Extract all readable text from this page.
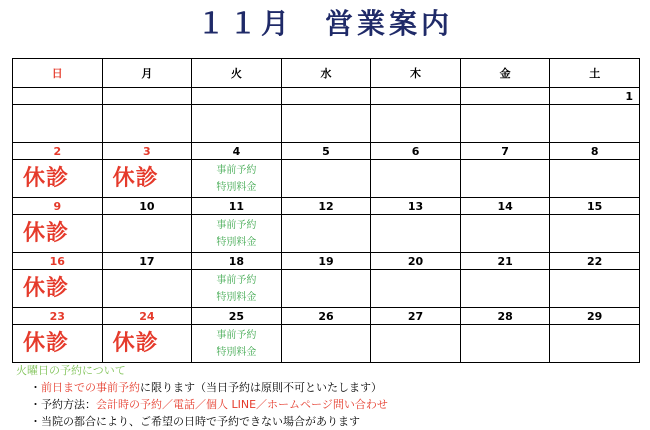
１１月　営業案内
日	月	火	水	木	金	土
						1

2	3	4	5	6	7	8

休診	休診	事前予約
特別料金				

9	10	11	12	13	14	15

休診		事前予約
特別料金				

16	17	18	19	20	21	22

休診		事前予約
特別料金				

23	24	25	26	27	28	29

休診	休診	事前予約
特別料金				

火曜日の予約について
・前日までの事前予約に限ります（当日予約は原則不可といたします）
・予約方法：会計時の予約／電話／個人 LINE／ホームページ問い合わせ
・当院の都合により、ご希望の日時で予約できない場合があります
